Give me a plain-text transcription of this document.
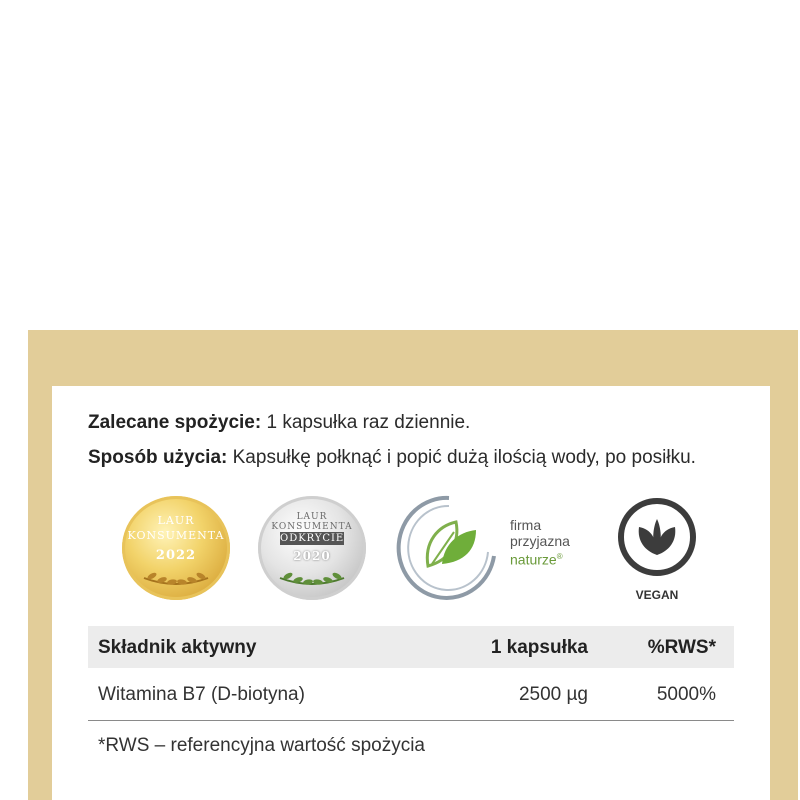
Zalecane spożycie: 1 kapsułka raz dziennie.
Sposób użycia: Kapsułkę połknąć i popić dużą ilością wody, po posiłku.
LAUR
KONSUMENTA
2022
LAUR KONSUMENTA
ODKRYCIE
2020
firma
przyjazna
naturze®
VEGAN
Składnik aktywny	1 kapsułka	%RWS*
Witamina B7 (D-biotyna)	2500 µg	5000%
*RWS – referencyjna wartość spożycia
